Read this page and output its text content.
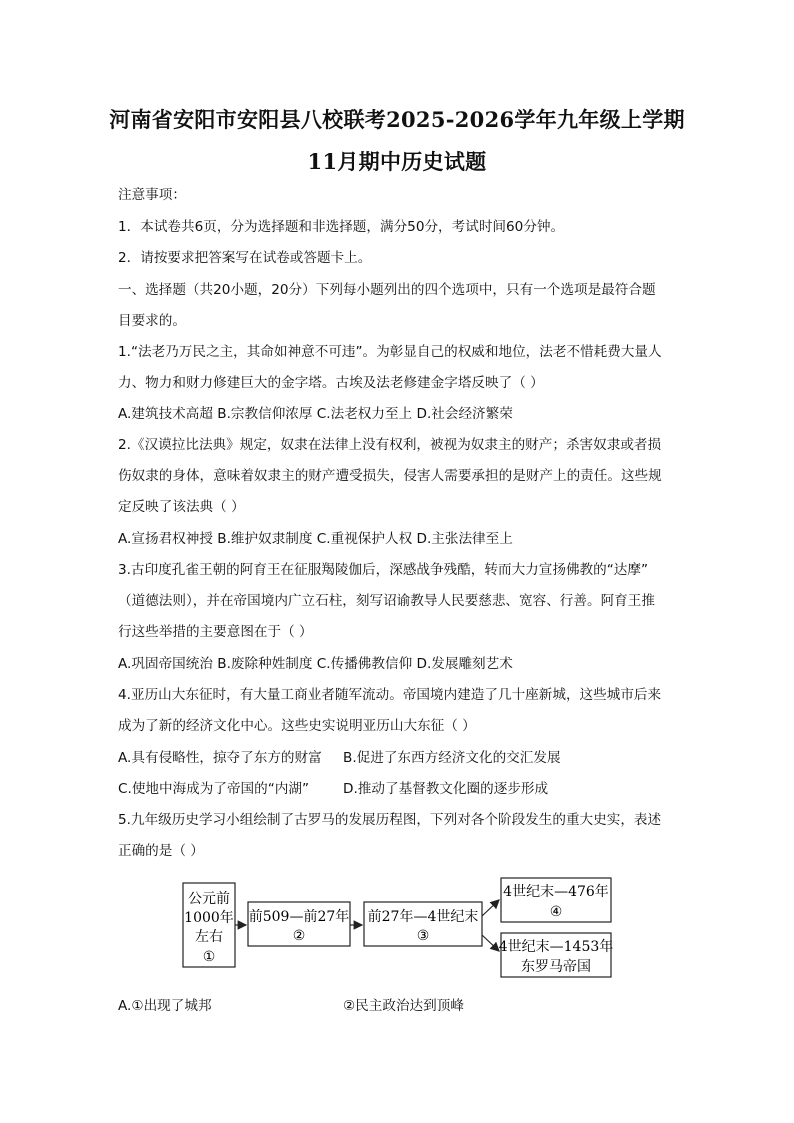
河南省安阳市安阳县八校联考2025-2026学年九年级上学期
11月期中历史试题
注意事项：
1．本试卷共6页，分为选择题和非选择题，满分50分，考试时间60分钟。
2．请按要求把答案写在试卷或答题卡上。
一、选择题（共20小题，20分）下列每小题列出的四个选项中，只有一个选项是最符合题
目要求的。
1.“法老乃万民之主，其命如神意不可违”。为彰显自己的权威和地位，法老不惜耗费大量人
力、物力和财力修建巨大的金字塔。古埃及法老修建金字塔反映了（ ）
A.建筑技术高超 B.宗教信仰浓厚 C.法老权力至上 D.社会经济繁荣
2.《汉谟拉比法典》规定，奴隶在法律上没有权利，被视为奴隶主的财产；杀害奴隶或者损
伤奴隶的身体，意味着奴隶主的财产遭受损失，侵害人需要承担的是财产上的责任。这些规
定反映了该法典（ ）
A.宣扬君权神授 B.维护奴隶制度 C.重视保护人权 D.主张法律至上
3.古印度孔雀王朝的阿育王在征服羯陵伽后，深感战争残酷，转而大力宣扬佛教的“达摩”
（道德法则），并在帝国境内广立石柱，刻写诏谕教导人民要慈悲、宽容、行善。阿育王推
行这些举措的主要意图在于（ ）
A.巩固帝国统治 B.废除种姓制度 C.传播佛教信仰 D.发展雕刻艺术
4.亚历山大东征时，有大量工商业者随军流动。帝国境内建造了几十座新城，这些城市后来
成为了新的经济文化中心。这些史实说明亚历山大东征（ ）
A.具有侵略性，掠夺了东方的财富 B.促进了东西方经济文化的交汇发展
C.使地中海成为了帝国的“内湖” D.推动了基督教文化圈的逐步形成
5.九年级历史学习小组绘制了古罗马的发展历程图，下列对各个阶段发生的重大史实，表述
正确的是（ ）
公元前
1000年
左右
①
前509—前27年
②
前27年—4世纪末
③
4世纪末—476年
④
4世纪末—1453年
东罗马帝国
A.①出现了城邦	②民主政治达到顶峰
